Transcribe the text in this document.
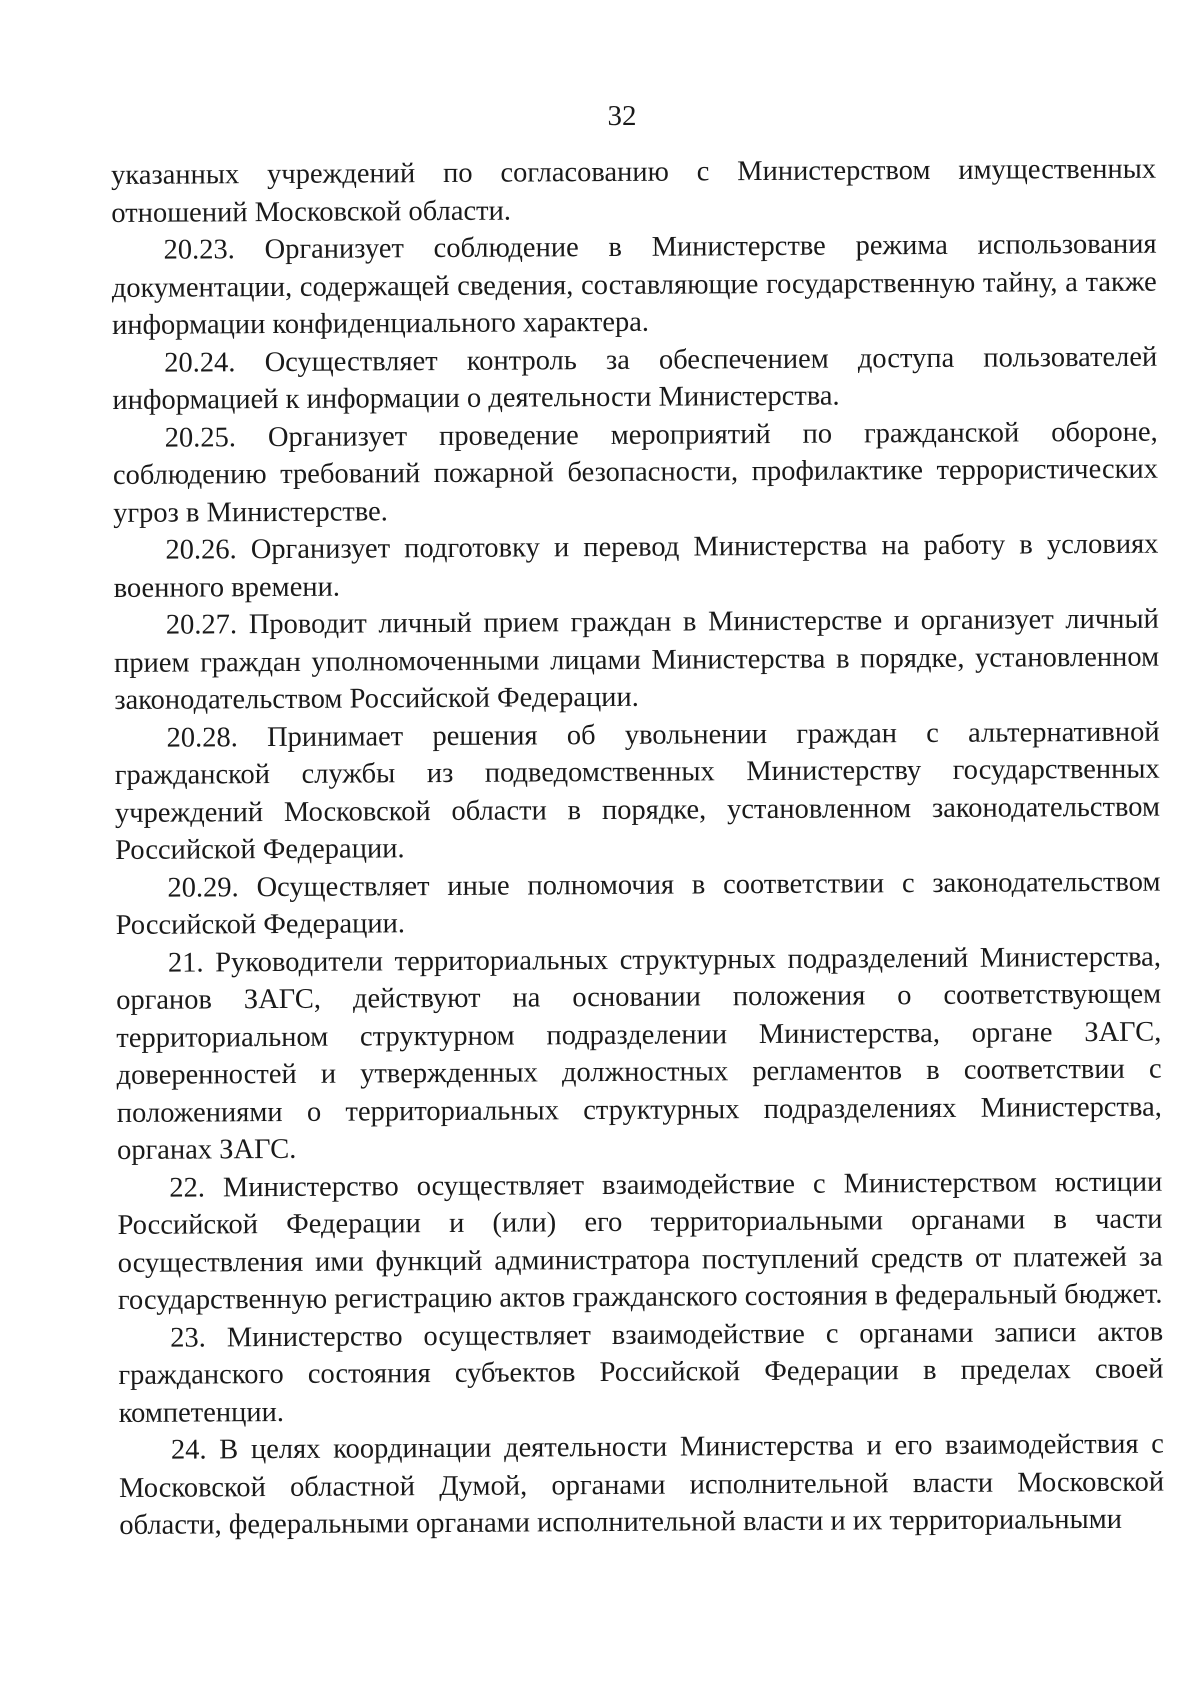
32

указанных учреждений по согласованию с Министерством имущественных отношений Московской области.

20.23. Организует соблюдение в Министерстве режима использования документации, содержащей сведения, составляющие государственную тайну, а также информации конфиденциального характера.

20.24. Осуществляет контроль за обеспечением доступа пользователей информацией к информации о деятельности Министерства.

20.25. Организует проведение мероприятий по гражданской обороне, соблюдению требований пожарной безопасности, профилактике террористических угроз в Министерстве.

20.26. Организует подготовку и перевод Министерства на работу в условиях военного времени.

20.27. Проводит личный прием граждан в Министерстве и организует личный прием граждан уполномоченными лицами Министерства в порядке, установленном законодательством Российской Федерации.

20.28. Принимает решения об увольнении граждан с альтернативной гражданской службы из подведомственных Министерству государственных учреждений Московской области в порядке, установленном законодательством Российской Федерации.

20.29. Осуществляет иные полномочия в соответствии с законодательством Российской Федерации.

21. Руководители территориальных структурных подразделений Министерства, органов ЗАГС, действуют на основании положения о соответствующем территориальном структурном подразделении Министерства, органе ЗАГС, доверенностей и утвержденных должностных регламентов в соответствии с положениями о территориальных структурных подразделениях Министерства, органах ЗАГС.

22. Министерство осуществляет взаимодействие с Министерством юстиции Российской Федерации и (или) его территориальными органами в части осуществления ими функций администратора поступлений средств от платежей за государственную регистрацию актов гражданского состояния в федеральный бюджет.

23. Министерство осуществляет взаимодействие с органами записи актов гражданского состояния субъектов Российской Федерации в пределах своей компетенции.

24. В целях координации деятельности Министерства и его взаимодействия с Московской областной Думой, органами исполнительной власти Московской области, федеральными органами исполнительной власти и их территориальными
